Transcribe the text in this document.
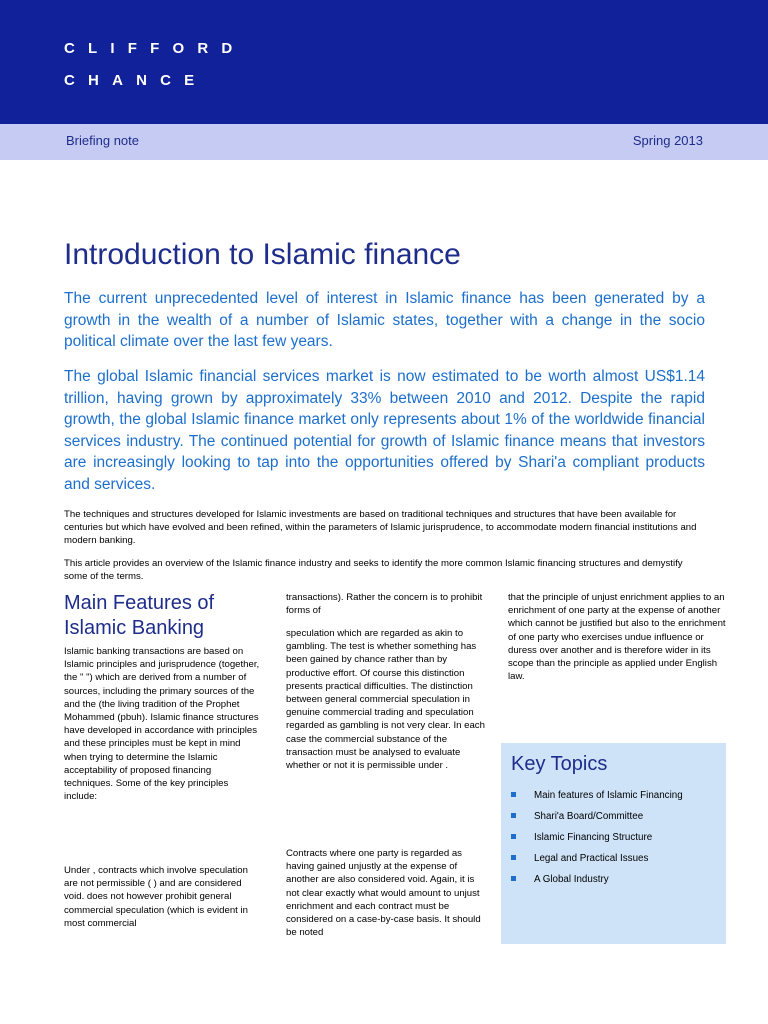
CLIFFORD
CHANCE
Briefing note	Spring 2013
Introduction to Islamic finance

The current unprecedented level of interest in Islamic finance has been generated by a growth in the wealth of a number of Islamic states, together with a change in the socio political climate over the last few years.

The global Islamic financial services market is now estimated to be worth almost US$1.14 trillion, having grown by approximately 33% between 2010 and 2012. Despite the rapid growth, the global Islamic finance market only represents about 1% of the worldwide financial services industry. The continued potential for growth of Islamic finance means that investors are increasingly looking to tap into the opportunities offered by Shari'a compliant products and services.

The techniques and structures developed for Islamic investments are based on traditional techniques and structures that have been available for centuries but which have evolved and been refined, within the parameters of Islamic jurisprudence, to accommodate modern financial institutions and modern banking.

This article provides an overview of the Islamic finance industry and seeks to identify the more common Islamic financing structures and demystify some of the terms.

Main Features of Islamic Banking
Islamic banking transactions are based on Islamic principles and jurisprudence (together, the " ") which are derived from a number of sources, including the primary sources of the and the (the living tradition of the Prophet Mohammed (pbuh). Islamic finance structures have developed in accordance with principles and these principles must be kept in mind when trying to determine the Islamic acceptability of proposed financing techniques. Some of the key principles include:
Under , contracts which involve speculation are not permissible ( ) and are considered void. does not however prohibit general commercial speculation (which is evident in most commercial
transactions). Rather the concern is to prohibit forms of
speculation which are regarded as akin to gambling. The test is whether something has been gained by chance rather than by productive effort. Of course this distinction presents practical difficulties. The distinction between general commercial speculation in genuine commercial trading and speculation regarded as gambling is not very clear. In each case the commercial substance of the transaction must be analysed to evaluate whether or not it is permissible under .
Contracts where one party is regarded as having gained unjustly at the expense of another are also considered void. Again, it is not clear exactly what would amount to unjust enrichment and each contract must be considered on a case-by-case basis. It should be noted
that the principle of unjust enrichment applies to an enrichment of one party at the expense of another which cannot be justified but also to the enrichment of one party who exercises undue influence or duress over another and is therefore wider in its scope than the principle as applied under English law.
Key Topics
Main features of Islamic Financing
Shari'a Board/Committee
Islamic Financing Structure
Legal and Practical Issues
A Global Industry
